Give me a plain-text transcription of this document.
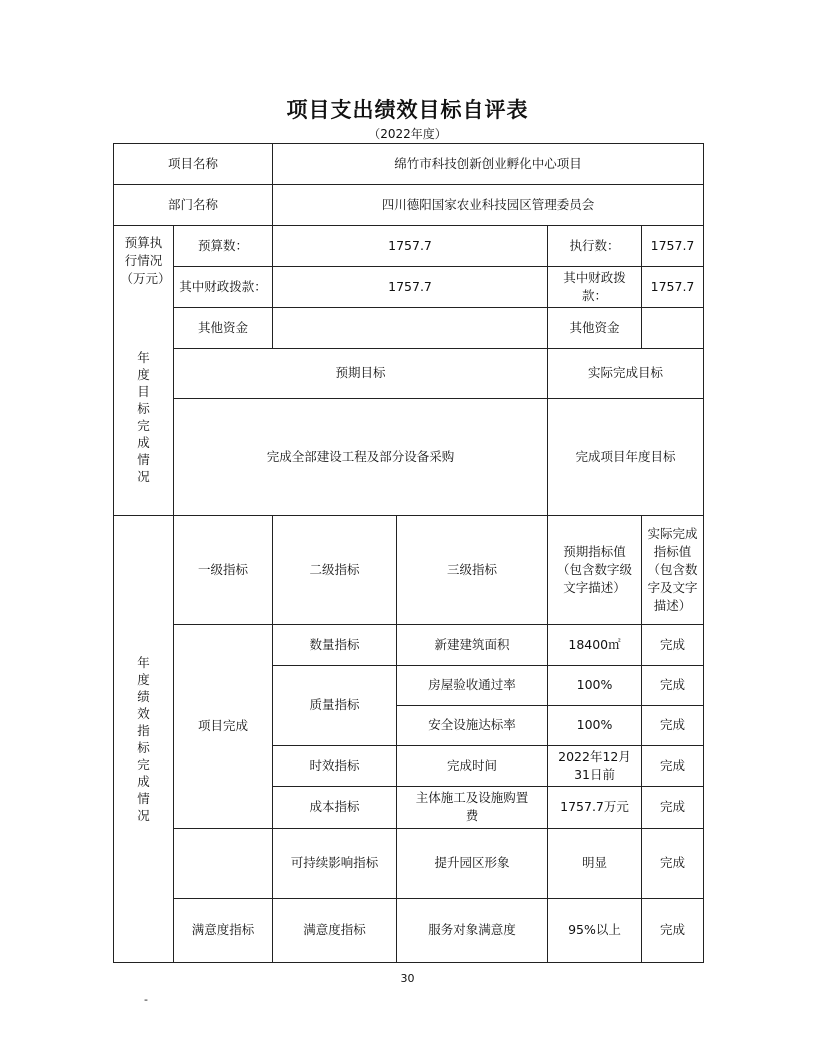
项目支出绩效目标自评表
（2022年度）
项目名称		绵竹市科技创新创业孵化中心项目			
部门名称		四川德阳国家农业科技园区管理委员会			

预算执行情况（万元）	预算数：	1757.7		执行数：	1757.7
	其中财政拨款：	1757.7		其中财政拨款：	1757.7
	其他资金			其他资金	

年度目标完成情况	预期目标			实际完成目标	
	完成全部建设工程及部分设备采购			完成项目年度目标	

年度绩效指标完成情况	一级指标	二级指标	三级指标	预期指标值（包含数字级文字描述）	实际完成指标值（包含数字及文字描述）

	项目完成	数量指标	新建建筑面积	18400㎡	完成
		质量指标	房屋验收通过率	100%	完成
			安全设施达标率	100%	完成
		时效指标	完成时间	2022年12月31日前	完成
		成本指标	主体施工及设施购置费	1757.7万元	完成
		可持续影响指标	提升园区形象	明显	完成
	满意度指标	满意度指标	服务对象满意度	95%以上	完成
30
-
